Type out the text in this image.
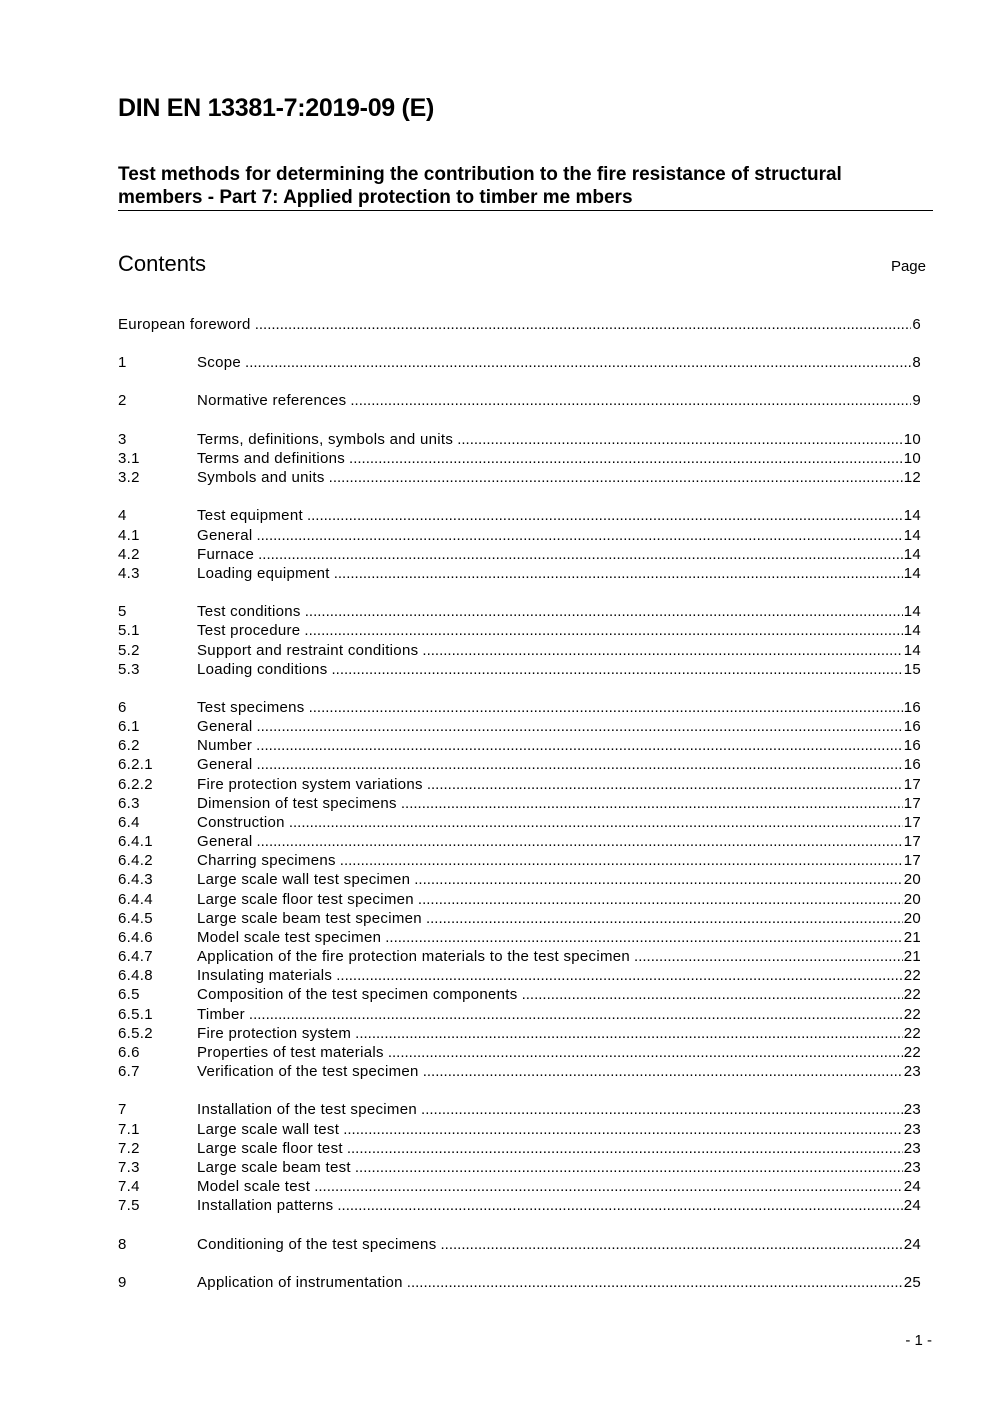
DIN EN 13381-7:2019-09 (E)
Test methods for determining the contribution to the fire resistance of structural
members - Part 7: Applied protection to timber me mbers
Contents	Page
European foreword .....	6
1	Scope .....	8
2	Normative references .....	9
3	Terms, definitions, symbols and units .....	10
3.1	Terms and definitions .....	10
3.2	Symbols and units .....	12
4	Test equipment .....	14
4.1	General .....	14
4.2	Furnace .....	14
4.3	Loading equipment .....	14
5	Test conditions .....	14
5.1	Test procedure .....	14
5.2	Support and restraint conditions .....	14
5.3	Loading conditions .....	15
6	Test specimens .....	16
6.1	General .....	16
6.2	Number .....	16
6.2.1	General .....	16
6.2.2	Fire protection system variations .....	17
6.3	Dimension of test specimens .....	17
6.4	Construction .....	17
6.4.1	General .....	17
6.4.2	Charring specimens .....	17
6.4.3	Large scale wall test specimen .....	20
6.4.4	Large scale floor test specimen .....	20
6.4.5	Large scale beam test specimen .....	20
6.4.6	Model scale test specimen .....	21
6.4.7	Application of the fire protection materials to the test specimen .....	21
6.4.8	Insulating materials .....	22
6.5	Composition of the test specimen components .....	22
6.5.1	Timber .....	22
6.5.2	Fire protection system .....	22
6.6	Properties of test materials .....	22
6.7	Verification of the test specimen .....	23
7	Installation of the test specimen .....	23
7.1	Large scale wall test .....	23
7.2	Large scale floor test .....	23
7.3	Large scale beam test .....	23
7.4	Model scale test .....	24
7.5	Installation patterns .....	24
8	Conditioning of the test specimens .....	24
9	Application of instrumentation .....	25
- 1 -
